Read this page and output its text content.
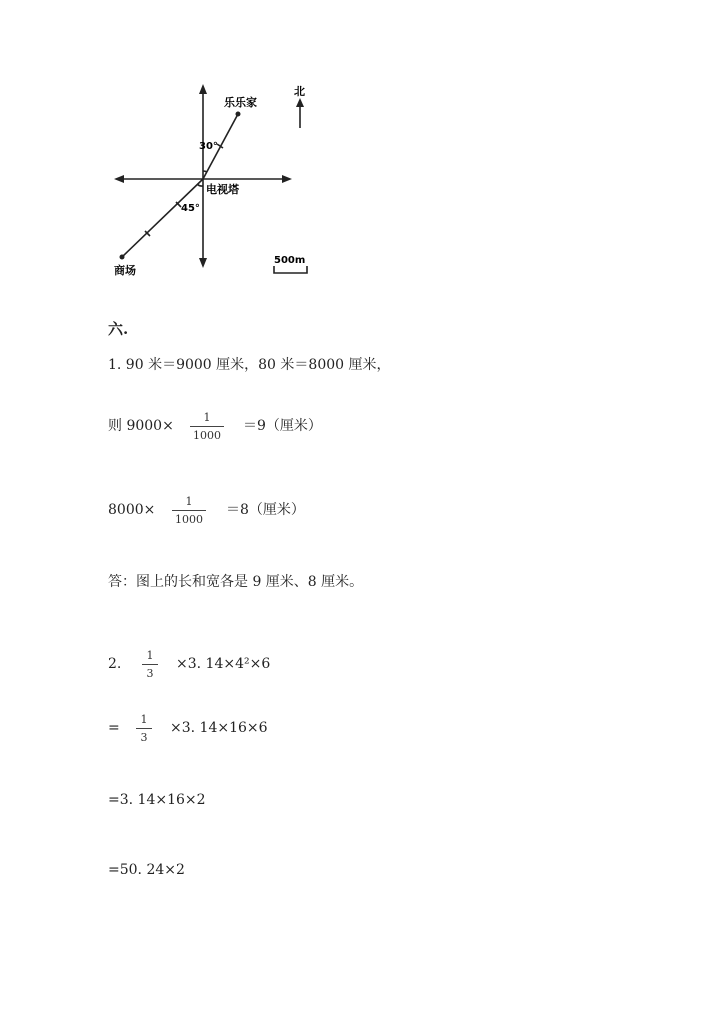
乐乐家
电视塔
商场
北
30°
45°
500m
六.
1. 90 米＝9000 厘米，80 米＝8000 厘米，
则 9000×
1
1000
＝9（厘米）
8000×
1
1000
＝8（厘米）
答：图上的长和宽各是 9 厘米、8 厘米。
2.
1
3
×3. 14×4²×6
=
1
3
×3. 14×16×6
=3. 14×16×2
=50. 24×2
